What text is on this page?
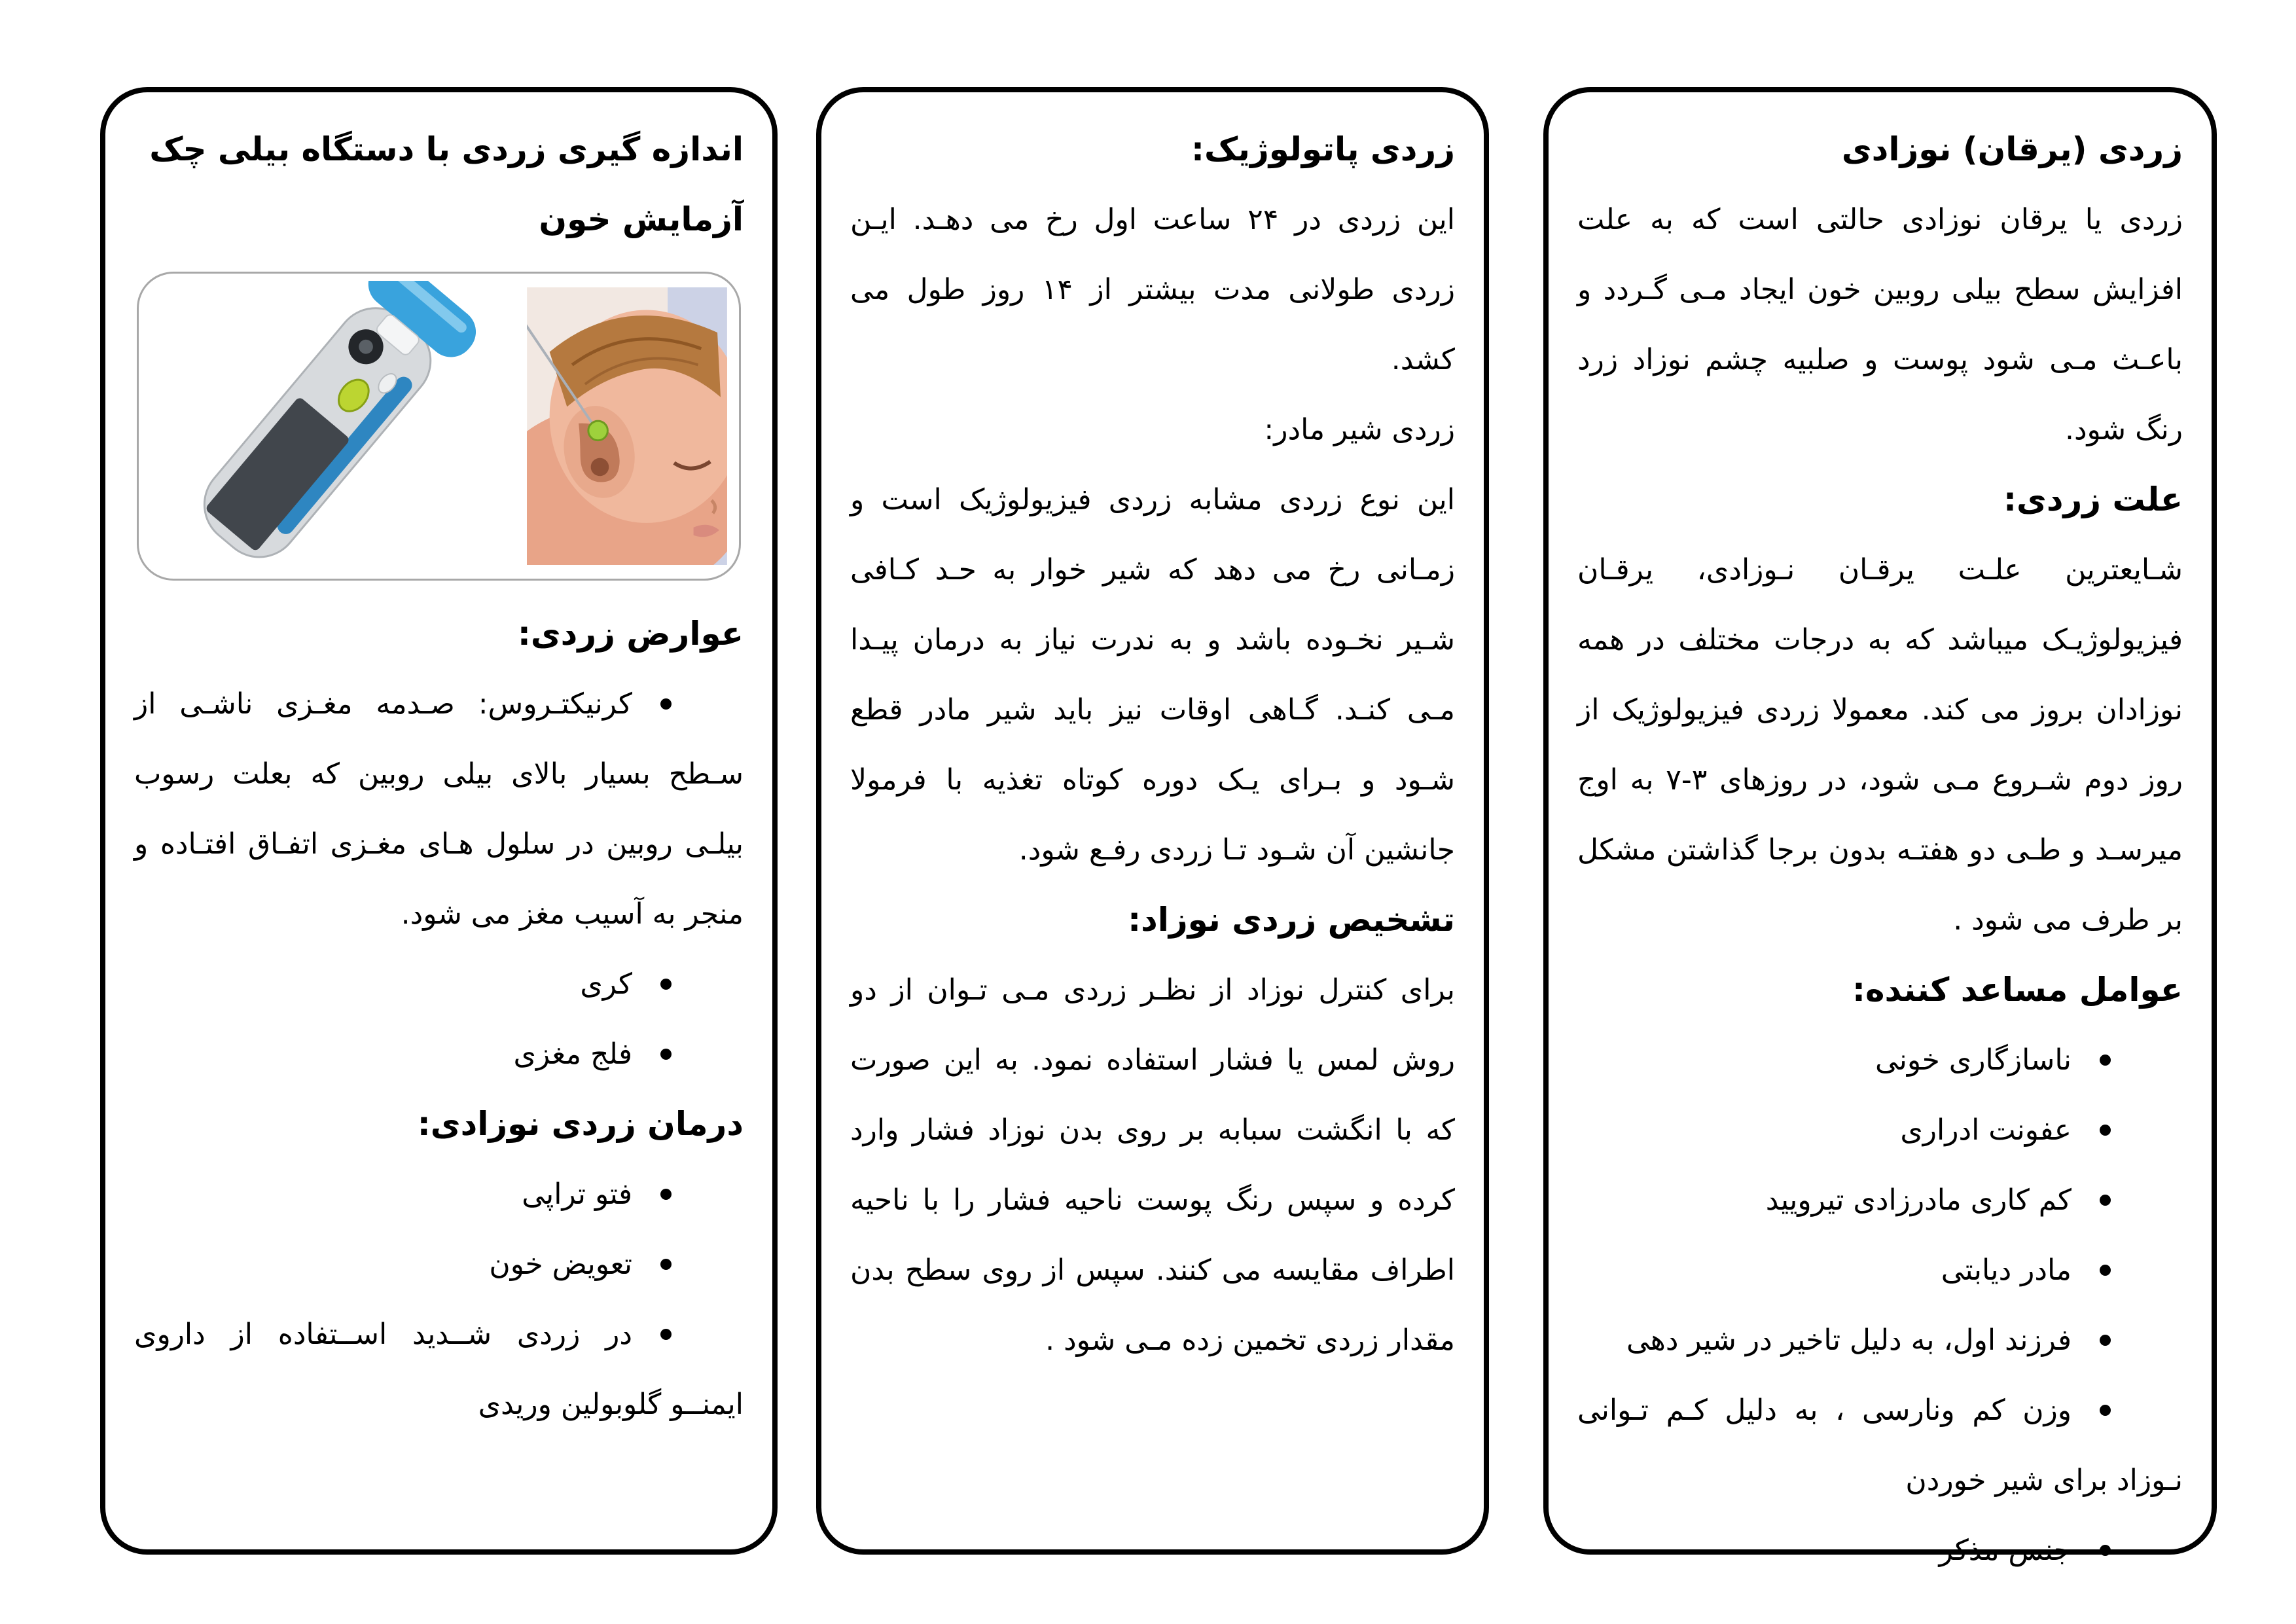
زردی (یرقان) نوزادی

زردی یا یرقان نوزادی حالتی است که به علت افزایش سطح بیلی روبین خون ایجاد مـی گـردد و باعـث مـی شود پوست و صلبیه چشم نوزاد زرد رنگ شود.

علت زردی:

شـایعترین علـت یرقـان نـوزادی، یرقـان فیزیولوژیـک میباشد که به درجات مختلف در همه نوزادان بروز می کند. معمولا زردی فیزیولوژیک از روز دوم شـروع مـی شود، در روزهای ۳-۷ به اوج میرسـد و طـی دو هفتـه بدون برجا گذاشتن مشکل بر طرف می شود .

عوامل مساعد کننده:
ناسازگاری خونی
عفونت ادراری
کم کاری مادرزادی تیرویید
مادر دیابتی
فرزند اول، به دلیل تاخیر در شیر دهی
وزن کم ونارسی ، به دلیل کـم تـوانی نـوزاد برای شیر خوردن
جنس مذکر
زردی پاتولوژیک:

این زردی در ۲۴ ساعت اول رخ می دهـد. ایـن زردی طولانی مدت بیشتر از ۱۴ روز طول می کشد.

زردی شیر مادر:

این نوع زردی مشابه زردی فیزیولوژیک است و زمـانی رخ می دهد که شیر خوار به حـد کـافی شـیر نخـوده باشد و به ندرت نیاز به درمان پیـدا مـی کنـد. گـاهی اوقات نیز باید شیر مادر قطع شـود و بـرای یـک دوره کوتاه تغذیه با فرمولا جانشین آن شـود تـا زردی رفـع شود.

تشخیص زردی نوزاد:

برای کنترل نوزاد از نظـر زردی مـی تـوان از دو روش لمس یا فشار استفاده نمود. به این صورت که با انگشت سبابه بر روی بدن نوزاد فشار وارد کرده و سپس رنگ پوست ناحیه فشار را با ناحیه اطراف مقایسه می کنند. سپس از روی سطح بدن مقدار زردی تخمین زده مـی شود .

اندازه گیری زردی با دستگاه بیلی چک
آزمایش خون
عوارض زردی:
کرنیکتـروس: صـدمه مغـزی ناشـی از سـطح بسیار بالای بیلی روبین که بعلت رسوب بیلـی روبین در سلول هـای مغـزی اتفـاق افتـاده و منجر به آسیب مغز می شود.
کری
فلج مغزی
درمان زردی نوزادی:
فتو تراپی
تعویض خون
در زردی شــدید اســتفاده از داروی ایمنــو گلوبولین وریدی
